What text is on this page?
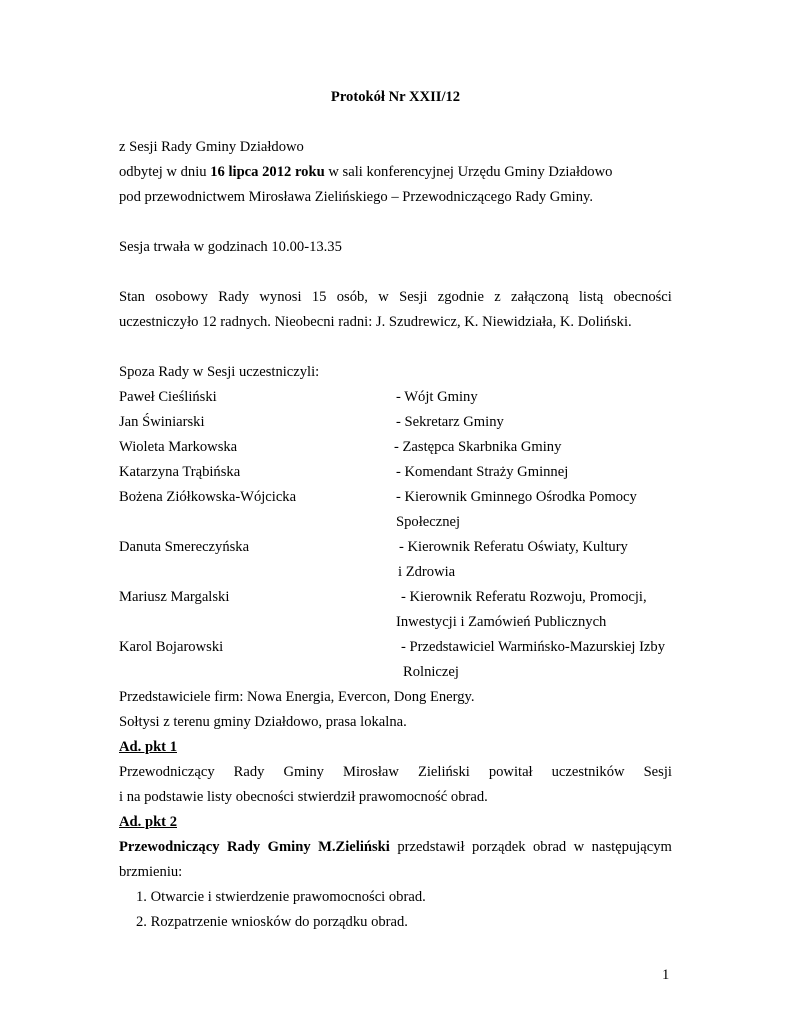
Protokół Nr XXII/12
z Sesji Rady Gminy Działdowo
odbytej w dniu 16 lipca 2012 roku w sali konferencyjnej Urzędu Gminy Działdowo
pod przewodnictwem Mirosława Zielińskiego – Przewodniczącego Rady Gminy.
Sesja trwała w godzinach 10.00-13.35
Stan osobowy Rady wynosi 15 osób, w Sesji zgodnie z załączoną listą obecności
uczestniczyło 12 radnych. Nieobecni radni: J. Szudrewicz, K. Niewidziała, K. Doliński.
Spoza Rady w Sesji uczestniczyli:
Paweł Cieśliński	- Wójt Gminy
Jan Świniarski	- Sekretarz Gminy
Wioleta Markowska	- Zastępca Skarbnika Gminy
Katarzyna Trąbińska	- Komendant Straży Gminnej
Bożena Ziółkowska-Wójcicka	- Kierownik Gminnego Ośrodka Pomocy
Społecznej
Danuta Smereczyńska	- Kierownik Referatu Oświaty, Kultury
i Zdrowia
Mariusz Margalski	- Kierownik Referatu Rozwoju, Promocji,
Inwestycji i Zamówień Publicznych
Karol Bojarowski	- Przedstawiciel Warmińsko-Mazurskiej Izby
Rolniczej
Przedstawiciele firm: Nowa Energia, Evercon, Dong Energy.
Sołtysi z terenu gminy Działdowo, prasa lokalna.
Ad. pkt 1
Przewodniczący Rady Gminy Mirosław Zieliński powitał uczestników Sesji
i na podstawie listy obecności stwierdził prawomocność obrad.
Ad. pkt 2
Przewodniczący Rady Gminy M.Zieliński przedstawił porządek obrad w następującym
brzmieniu:
1. Otwarcie i stwierdzenie prawomocności obrad.
2. Rozpatrzenie wniosków do porządku obrad.
1
